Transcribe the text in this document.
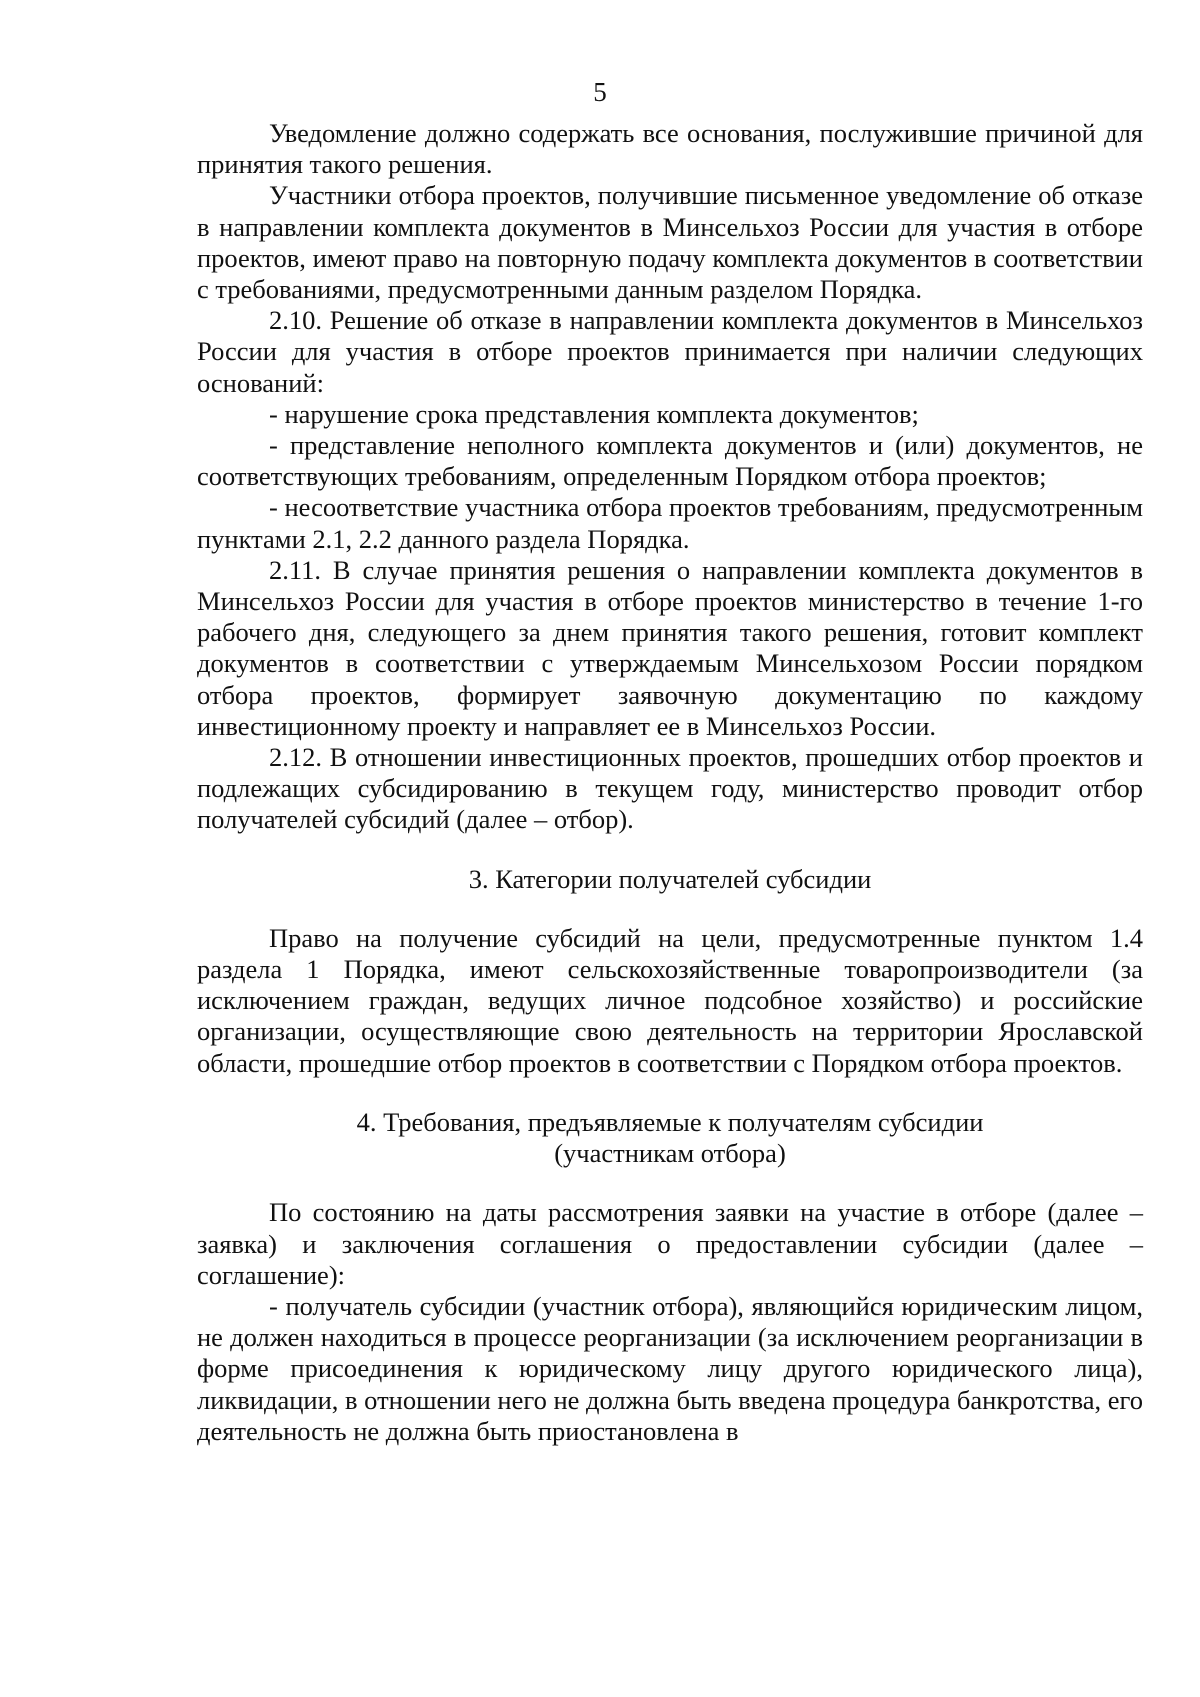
5

Уведомление должно содержать все основания, послужившие причиной для принятия такого решения.

Участники отбора проектов, получившие письменное уведомление об отказе в направлении комплекта документов в Минсельхоз России для участия в отборе проектов, имеют право на повторную подачу комплекта документов в соответствии с требованиями, предусмотренными данным разделом Порядка.

2.10. Решение об отказе в направлении комплекта документов в Минсельхоз России для участия в отборе проектов принимается при наличии следующих оснований:

- нарушение срока представления комплекта документов;

- представление неполного комплекта документов и (или) документов, не соответствующих требованиям, определенным Порядком отбора проектов;

- несоответствие участника отбора проектов требованиям, предусмотренным пунктами 2.1, 2.2 данного раздела Порядка.

2.11. В случае принятия решения о направлении комплекта документов в Минсельхоз России для участия в отборе проектов министерство в течение 1-го рабочего дня, следующего за днем принятия такого решения, готовит комплект документов в соответствии с утверждаемым Минсельхозом России порядком отбора проектов, формирует заявочную документацию по каждому инвестиционному проекту и направляет ее в Минсельхоз России.

2.12. В отношении инвестиционных проектов, прошедших отбор проектов и подлежащих субсидированию в текущем году, министерство проводит отбор получателей субсидий (далее – отбор).

3. Категории получателей субсидии

Право на получение субсидий на цели, предусмотренные пунктом 1.4 раздела 1 Порядка, имеют сельскохозяйственные товаропроизводители (за исключением граждан, ведущих личное подсобное хозяйство) и российские организации, осуществляющие свою деятельность на территории Ярославской области, прошедшие отбор проектов в соответствии с Порядком отбора проектов.

4. Требования, предъявляемые к получателям субсидии

(участникам отбора)

По состоянию на даты рассмотрения заявки на участие в отборе (далее – заявка) и заключения соглашения о предоставлении субсидии (далее – соглашение):

- получатель субсидии (участник отбора), являющийся юридическим лицом, не должен находиться в процессе реорганизации (за исключением реорганизации в форме присоединения к юридическому лицу другого юридического лица), ликвидации, в отношении него не должна быть введена процедура банкротства, его деятельность не должна быть приостановлена в
